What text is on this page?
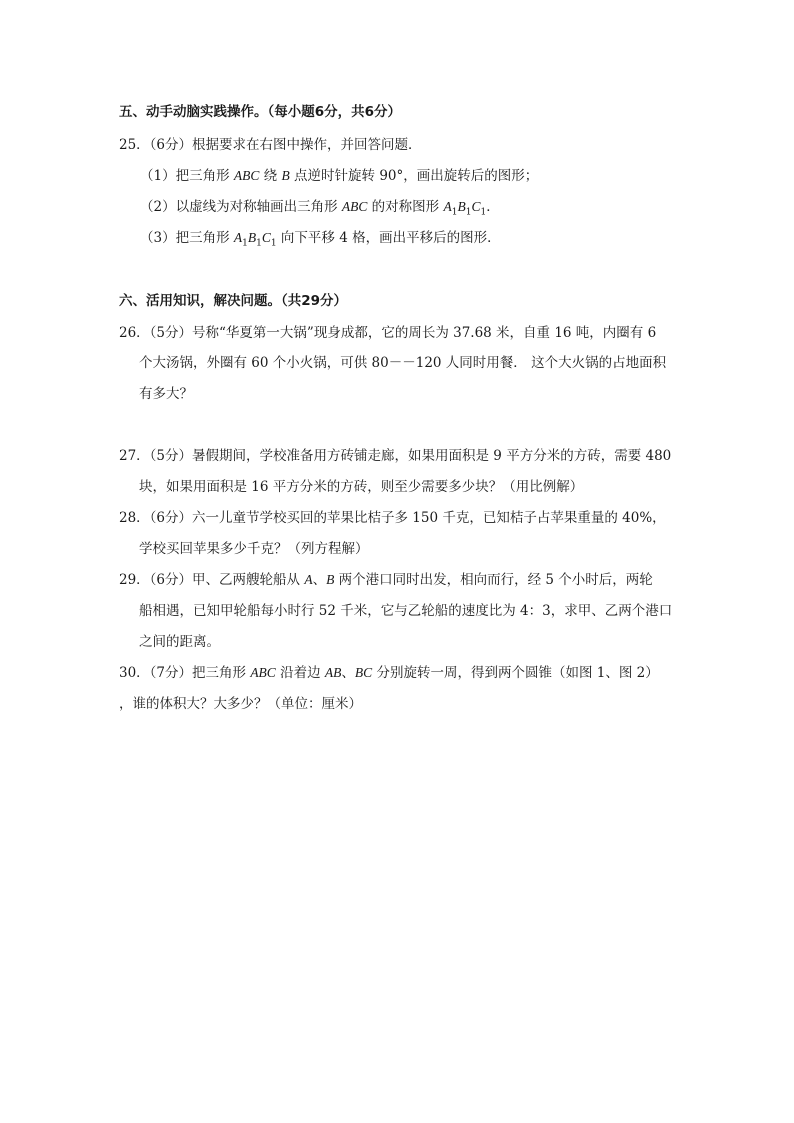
五、动手动脑实践操作。（每小题6分，共6分）
25．（6分）根据要求在右图中操作，并回答问题．
（1）把三角形 ABC 绕 B 点逆时针旋转 90°，画出旋转后的图形；
（2）以虚线为对称轴画出三角形 ABC 的对称图形 $A_1B_1C_1$．
（3）把三角形 $A_1B_1C_1$ 向下平移 4 格，画出平移后的图形．
六、活用知识，解决问题。（共29分）
26．（5分）号称“华夏第一大锅”现身成都，它的周长为 37.68 米，自重 16 吨，内圈有 6
个大汤锅，外圈有 60 个小火锅，可供 80－－120 人同时用餐． 这个大火锅的占地面积
有多大？
27．（5分）暑假期间，学校准备用方砖铺走廊，如果用面积是 9 平方分米的方砖，需要 480
块，如果用面积是 16 平方分米的方砖，则至少需要多少块？（用比例解）
28．（6分）六一儿童节学校买回的苹果比桔子多 150 千克，已知桔子占苹果重量的 40%，
学校买回苹果多少千克？（列方程解）
29．（6分）甲、乙两艘轮船从 A、B 两个港口同时出发，相向而行，经 5 个小时后，两轮
船相遇，已知甲轮船每小时行 52 千米，它与乙轮船的速度比为 4：3，求甲、乙两个港口
之间的距离。
30．（7分）把三角形 ABC 沿着边 AB、BC 分别旋转一周，得到两个圆锥（如图 1、图 2）
，谁的体积大？大多少？（单位：厘米）
